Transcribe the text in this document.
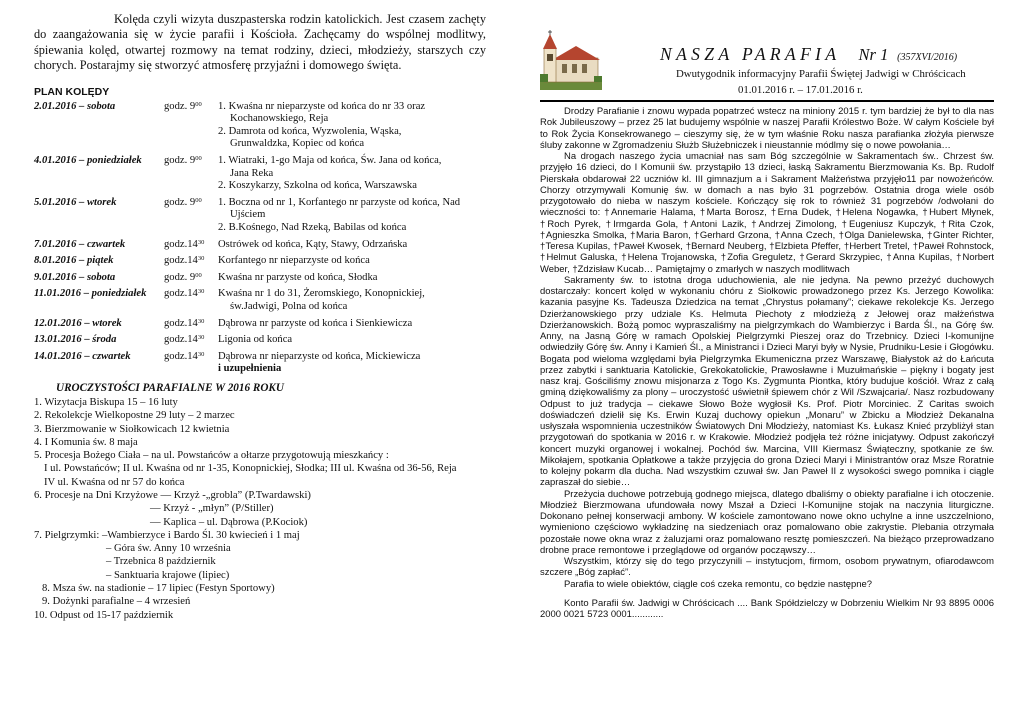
Kolęda czyli wizyta duszpasterska rodzin katolickich. Jest czasem zachęty do zaangażowania się w życie parafii i Kościoła. Zachęcamy do wspólnej modlitwy, śpiewania kolęd, otwartej rozmowy na temat rodziny, dzieci, młodzieży, starszych czy chorych. Postarajmy się stworzyć atmosferę przyjaźni i domowego święta.
PLAN KOLĘDY
2.01.2016 – sobota	godz. $9^{00}$ 1. Kwaśna nr nieparzyste od końca do nr 33 oraz
Kochanowskiego, Reja
2. Damrota od końca, Wyzwolenia, Wąska,
Grunwaldzka, Kopiec od końca
4.01.2016 – poniedziałek godz. $9^{00}$ 1. Wiatraki, 1-go Maja od końca, Św. Jana od końca,
Jana Reka
2. Koszykarzy, Szkolna od końca, Warszawska
5.01.2016 – wtorek	godz. $9^{00}$ 1. Boczna od nr 1, Korfantego nr parzyste od końca, Nad
Ujściem
2. B.Kośnego, Nad Rzeką, Babilas od końca
7.01.2016 – czwartek	$godz.14^{30}$ Ostrówek od końca, Kąty, Stawy, Odrzańska
8.01.2016 – piątek	$godz.14^{30}$ Korfantego nr nieparzyste od końca
9.01.2016 – sobota	godz. $9^{00}$ Kwaśna nr parzyste od końca, Słodka
11.01.2016 – poniedziałek $godz.14^{30}$ Kwaśna nr 1 do 31, Żeromskiego, Konopnickiej,
św.Jadwigi, Polna od końca
12.01.2016 – wtorek	$godz.14^{30}$ Dąbrowa nr parzyste od końca i Sienkiewicza
13.01.2016 – środa	$godz.14^{30}$ Ligonia od końca
14.01.2016 – czwartek	$godz.14^{30}$ Dąbrowa nr nieparzyste od końca, Mickiewicza
i uzupełnienia
UROCZYSTOŚCI PARAFIALNE W 2016 ROKU
1. Wizytacja Biskupa 15 – 16 luty
2. Rekolekcje Wielkopostne 29 luty – 2 marzec
3. Bierzmowanie w Siołkowicach 12 kwietnia
4. I Komunia św. 8 maja
5. Procesja Bożego Ciała – na ul. Powstańców a ołtarze przygotowują mieszkańcy :
I ul. Powstańców; II ul. Kwaśna od nr 1-35, Konopnickiej, Słodka; III ul. Kwaśna od 36-56, Reja
IV ul. Kwaśna od nr 57 do końca
6. Procesje na Dni Krzyżowe — Krzyż -„grobla” (P.Twardawski)
— Krzyż - „młyn” (P/Stiller)
— Kaplica – ul. Dąbrowa (P.Kociok)
7. Pielgrzymki: –Wambierzyce i Bardo Śl. 30 kwiecień i 1 maj
– Góra św. Anny 10 września
– Trzebnica 8 październik
– Sanktuaria krajowe (lipiec)
8. Msza św. na stadionie – 17 lipiec (Festyn Sportowy)
9. Dożynki parafialne – 4 wrzesień
10. Odpust od 15-17 październik
NASZA PARAFIA Nr 1 (357XVI/2016)
Dwutygodnik informacyjny Parafii Świętej Jadwigi w Chróścicach
01.01.2016 r. – 17.01.2016 r.

Drodzy Parafianie i znowu wypada popatrzeć wstecz na miniony 2015 r. tym bardziej że był to dla nas Rok Jubileuszowy – przez 25 lat budujemy wspólnie w naszej Parafii Królestwo Boże. W całym Kościele był to Rok Życia Konsekrowanego – cieszymy się, że w tym właśnie Roku nasza parafianka złożyła pierwsze śluby zakonne w Zgromadzeniu Służb Służebniczek i nieustannie módlmy się o nowe powołania…

Na drogach naszego życia umacniał nas sam Bóg szczególnie w Sakramentach św.. Chrzest św. przyjęło 16 dzieci, do I Komunii św. przystąpiło 13 dzieci, łaską Sakramentu Bierzmowania Ks. Bp. Rudolf Pierskała obdarował 22 uczniów kl. III gimnazjum a i Sakrament Małżeństwa przyjęło11 par nowożeńców. Chorzy otrzymywali Komunię św. w domach a nas było 31 pogrzebów. Ostatnia droga wiele osób przygotowało do nieba w naszym kościele. Kończący się rok to również 31 pogrzebów /odwołani do wieczności to: †Annemarie Halama, †Marta Borosz, †Erna Dudek, †Helena Nogawka, †Hubert Młynek, †Roch Pyrek, †Irmgarda Gola, †Antoni Lazik, †Andrzej Zimolong, †Eugeniusz Kupczyk, †Rita Czok, †Agnieszka Smolka, †Maria Baron, †Gerhard Grzona, †Anna Czech, †Olga Danielewska, †Ginter Richter, †Teresa Kupilas, †Paweł Kwosek, †Bernard Neuberg, †Elzbieta Pfeffer, †Herbert Tretel, †Paweł Rohnstock, †Helmut Galuska, †Helena Trojanowska, †Zofia Greguletz, †Gerard Skrzypiec, †Anna Kupilas, †Norbert Weber, †Zdzisław Kucab… Pamiętajmy o zmarłych w naszych modlitwach

Sakramenty św. to istotna droga uduchowienia, ale nie jedyna. Na pewno przeżyć duchowych dostarczały: koncert kolęd w wykonaniu chóru z Siołkowic prowadzonego przez Ks. Jerzego Kowolika: kazania pasyjne Ks. Tadeusza Dziedzica na temat „Chrystus połamany”; ciekawe rekolekcje Ks. Jerzego Dzierżanowskiego przy udziale Ks. Helmuta Piechoty z młodzieżą z Jełowej oraz małżeństwa Dzierżanowskich. Bożą pomoc wypraszaliśmy na pielgrzymkach do Wambierzyc i Barda Śl., na Górę św. Anny, na Jasną Górę w ramach Opolskiej Pielgrzymki Pieszej oraz do Trzebnicy. Dzieci I-komunijne odwiedziły Górę św. Anny i Kamień Śl., a Ministranci i Dzieci Maryi były w Nysie, Prudniku-Lesie i Głogówku. Bogata pod wieloma względami była Pielgrzymka Ekumeniczna przez Warszawę, Białystok aż do Łańcuta przez zabytki i sanktuaria Katolickie, Grekokatolickie, Prawosławne i Muzułmańskie – piękny i bogaty jest nasz kraj. Gościliśmy znowu misjonarza z Togo Ks. Zygmunta Piontka, który budujue kościół. Wraz z całą gminą dziękowaliśmy za plony – uroczystość uświetnił śpiewem chór z Wil /Szwajcaria/. Nasz rozbudowany Odpust to już tradycja – ciekawe Słowo Boże wygłosił Ks. Prof. Piotr Morciniec. Z Caritas swoich doświadczeń dzielił się Ks. Erwin Kuzaj duchowy opiekun „Monaru” w Zbicku a Młodzież Dekanalna usłyszała wspomnienia uczestników Światowych Dni Młodzieży, natomiast Ks. Łukasz Knieć przybliżył stan przygotowań do spotkania w 2016 r. w Krakowie. Młodzież podjęła też różne inicjatywy. Odpust zakończył koncert muzyki organowej i wokalnej. Pochód św. Marcina, VIII Kiermasz Świąteczny, spotkanie ze św. Mikołajem, spotkania Opłatkowe a także przyjęcia do grona Dzieci Maryi i Ministrantów oraz Msze Roratnie to kolejny pokarm dla ducha. Nad wszystkim czuwał św. Jan Paweł II z wysokości swego pomnika i ciągle zapraszał do siebie…

Przeżycia duchowe potrzebują godnego miejsca, dlatego dbaliśmy o obiekty parafialne i ich otoczenie. Młodzież Bierzmowana ufundowała nowy Mszał a Dzieci I-Komunijne stojak na naczynia liturgiczne. Dokonano pełnej konserwacji ambony. W kościele zamontowano nowe okno uchylne a inne uszczelniono, wymieniono częściowo wykładzinę na siedzeniach oraz pomalowano obie zakrystie. Plebania otrzymała pozostałe nowe okna wraz z żaluzjami oraz pomalowano resztę pomieszczeń. Na bieżąco przeprowadzano drobne prace remontowe i przeglądowe od organów począwszy…

Wszystkim, którzy się do tego przyczynili – instytucjom, firmom, osobom prywatnym, ofiarodawcom szczere „Bóg zapłać”.

Parafia to wiele obiektów, ciągle coś czeka remontu, co będzie następne?

Konto Parafii św. Jadwigi w Chróścicach .... Bank Spółdzielczy w Dobrzeniu Wielkim Nr 93 8895 0006 2000 0021 5723 0001............
